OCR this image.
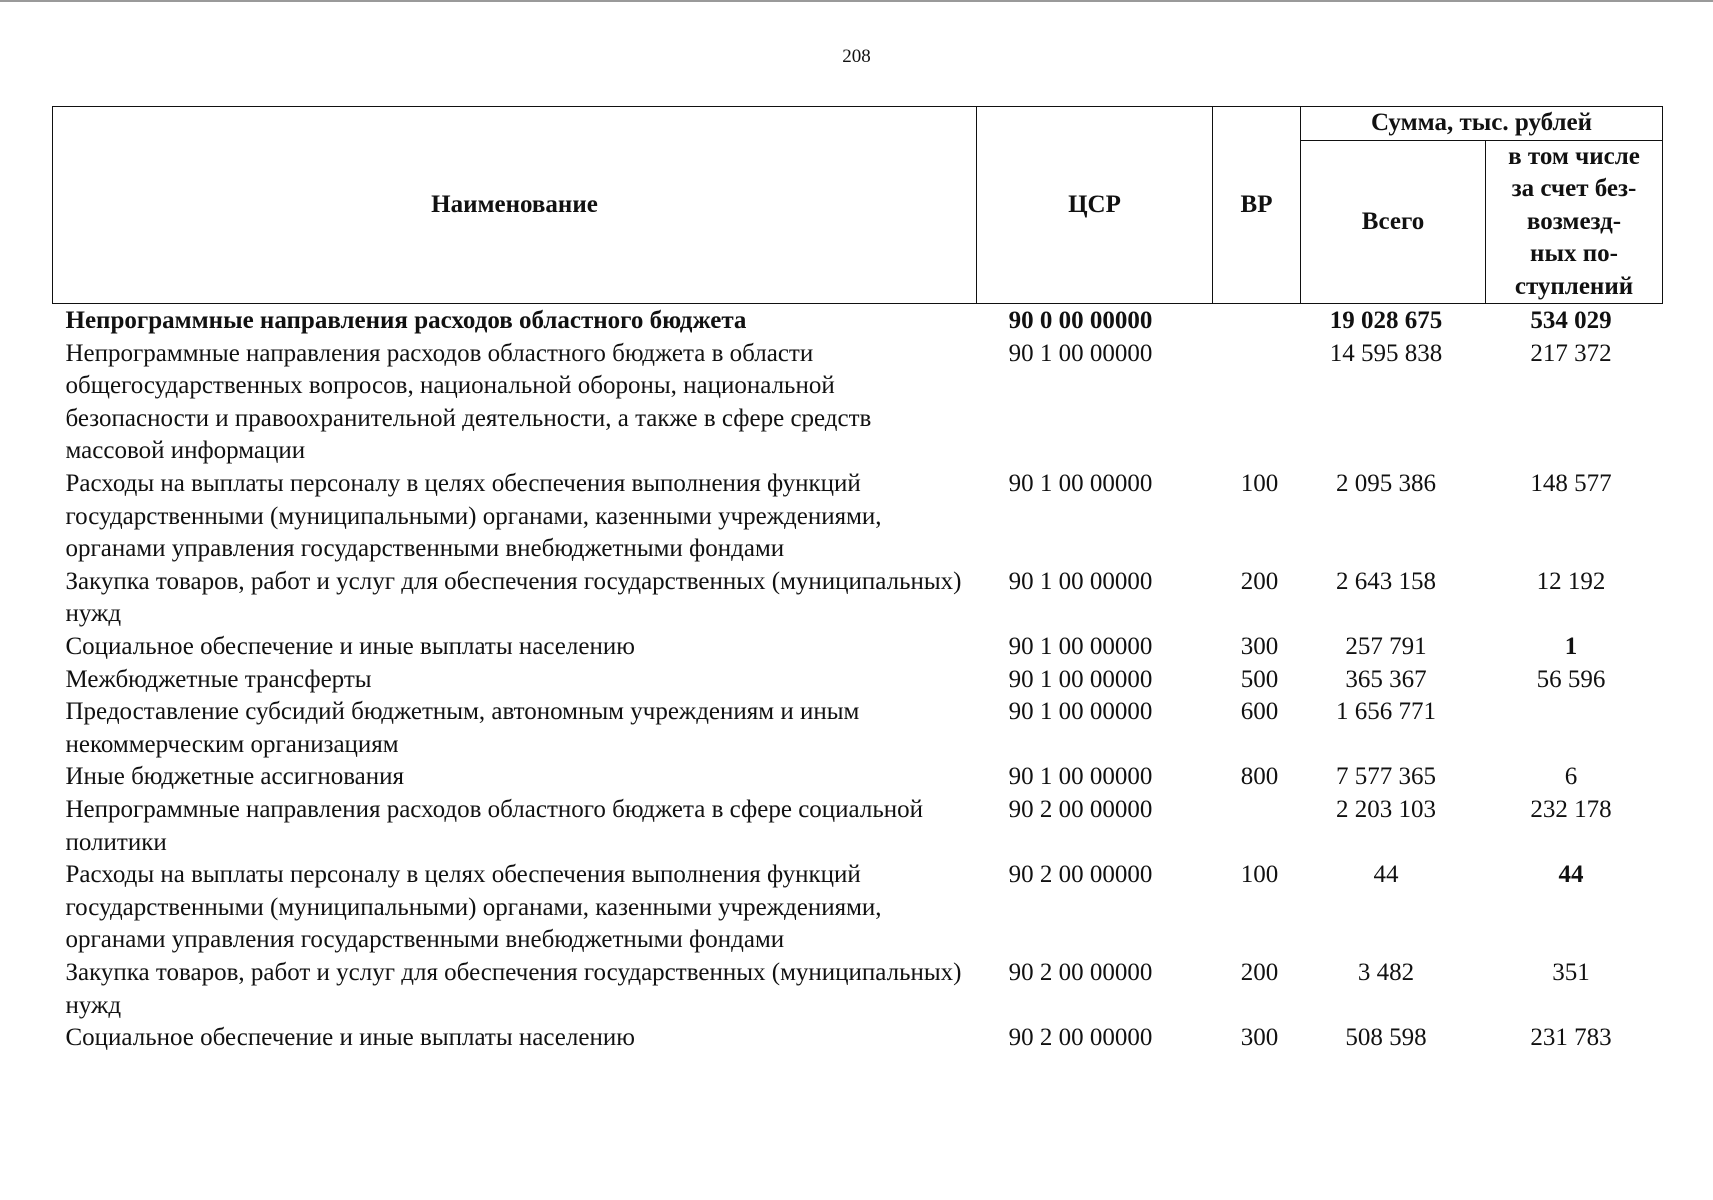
208
Наименование	ЦСР	ВР	Сумма, тыс. рублей	
			Всего	в том числе
за счет без-
возмезд-
ных по-
ступлений

Непрограммные направления расходов областного бюджета	90 0 00 00000		19 028 675	534 029
Непрограммные направления расходов областного бюджета в области общегосударственных вопросов, национальной обороны, национальной безопасности и правоохранительной деятельности, а также в сфере средств массовой информации	90 1 00 00000		14 595 838	217 372
Расходы на выплаты персоналу в целях обеспечения выполнения функций государственными (муниципальными) органами, казенными учреждениями, органами управления государственными внебюджетными фондами	90 1 00 00000	100	2 095 386	148 577
Закупка товаров, работ и услуг для обеспечения государственных (муниципальных) нужд	90 1 00 00000	200	2 643 158	12 192
Социальное обеспечение и иные выплаты населению	90 1 00 00000	300	257 791	1
Межбюджетные трансферты	90 1 00 00000	500	365 367	56 596
Предоставление субсидий бюджетным, автономным учреждениям и иным некоммерческим организациям	90 1 00 00000	600	1 656 771	
Иные бюджетные ассигнования	90 1 00 00000	800	7 577 365	6
Непрограммные направления расходов областного бюджета в сфере социальной политики	90 2 00 00000		2 203 103	232 178
Расходы на выплаты персоналу в целях обеспечения выполнения функций государственными (муниципальными) органами, казенными учреждениями, органами управления государственными внебюджетными фондами	90 2 00 00000	100	44	44
Закупка товаров, работ и услуг для обеспечения государственных (муниципальных) нужд	90 2 00 00000	200	3 482	351
Социальное обеспечение и иные выплаты населению	90 2 00 00000	300	508 598	231 783
